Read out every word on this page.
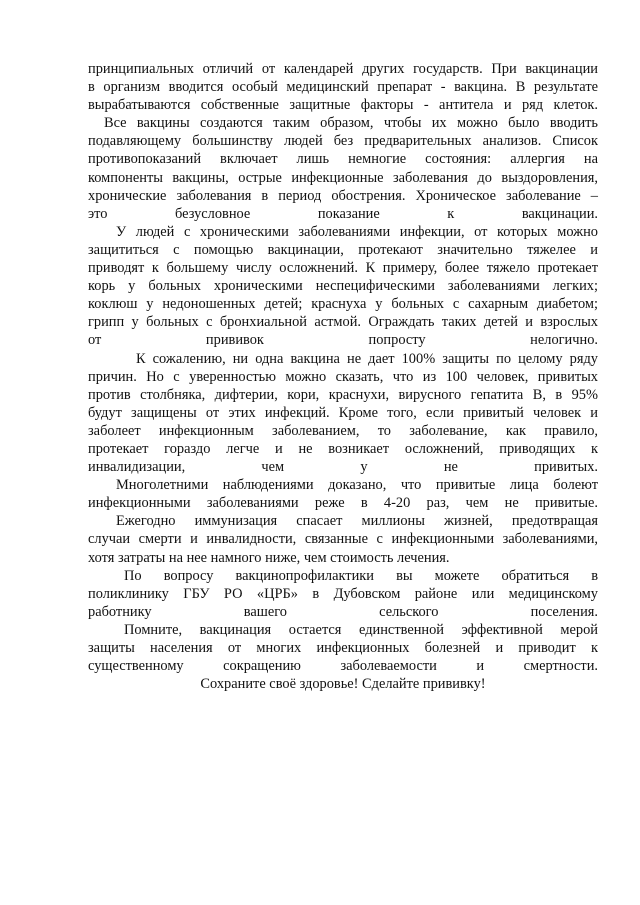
принципиальных отличий от календарей других государств. При вакцинации
в организм вводится особый медицинский препарат - вакцина. В результате
вырабатываются собственные защитные факторы - антитела и ряд клеток.
Все вакцины создаются таким образом, чтобы их можно было вводить
подавляющему большинству людей без предварительных анализов. Список
противопоказаний включает лишь немногие состояния: аллергия на
компоненты вакцины, острые инфекционные заболевания до выздоровления,
хронические заболевания в период обострения. Хроническое заболевание –
это безусловное показание к вакцинации.
У людей с хроническими заболеваниями инфекции, от которых можно
защититься с помощью вакцинации, протекают значительно тяжелее и
приводят к большему числу осложнений. К примеру, более тяжело протекает
корь у больных хроническими неспецифическими заболеваниями легких;
коклюш у недоношенных детей; краснуха у больных с сахарным диабетом;
грипп у больных с бронхиальной астмой. Ограждать таких детей и взрослых
от прививок попросту нелогично.
К сожалению, ни одна вакцина не дает 100% защиты по целому ряду
причин. Но с уверенностью можно сказать, что из 100 человек, привитых
против столбняка, дифтерии, кори, краснухи, вирусного гепатита В, в 95%
будут защищены от этих инфекций. Кроме того, если привитый человек и
заболеет инфекционным заболеванием, то заболевание, как правило,
протекает гораздо легче и не возникает осложнений, приводящих к
инвалидизации, чем у не привитых.
Многолетними наблюдениями доказано, что привитые лица болеют
инфекционными заболеваниями реже в 4-20 раз, чем не привитые.
Ежегодно иммунизация спасает миллионы жизней, предотвращая
случаи смерти и инвалидности, связанные с инфекционными заболеваниями,
хотя затраты на нее намного ниже, чем стоимость лечения.
По вопросу вакцинопрофилактики вы можете обратиться в
поликлинику ГБУ РО «ЦРБ» в Дубовском районе или медицинскому
работнику вашего сельского поселения.
Помните, вакцинация остается единственной эффективной мерой
защиты населения от многих инфекционных болезней и приводит к
существенному сокращению заболеваемости и смертности.
Сохраните своё здоровье! Сделайте прививку!
